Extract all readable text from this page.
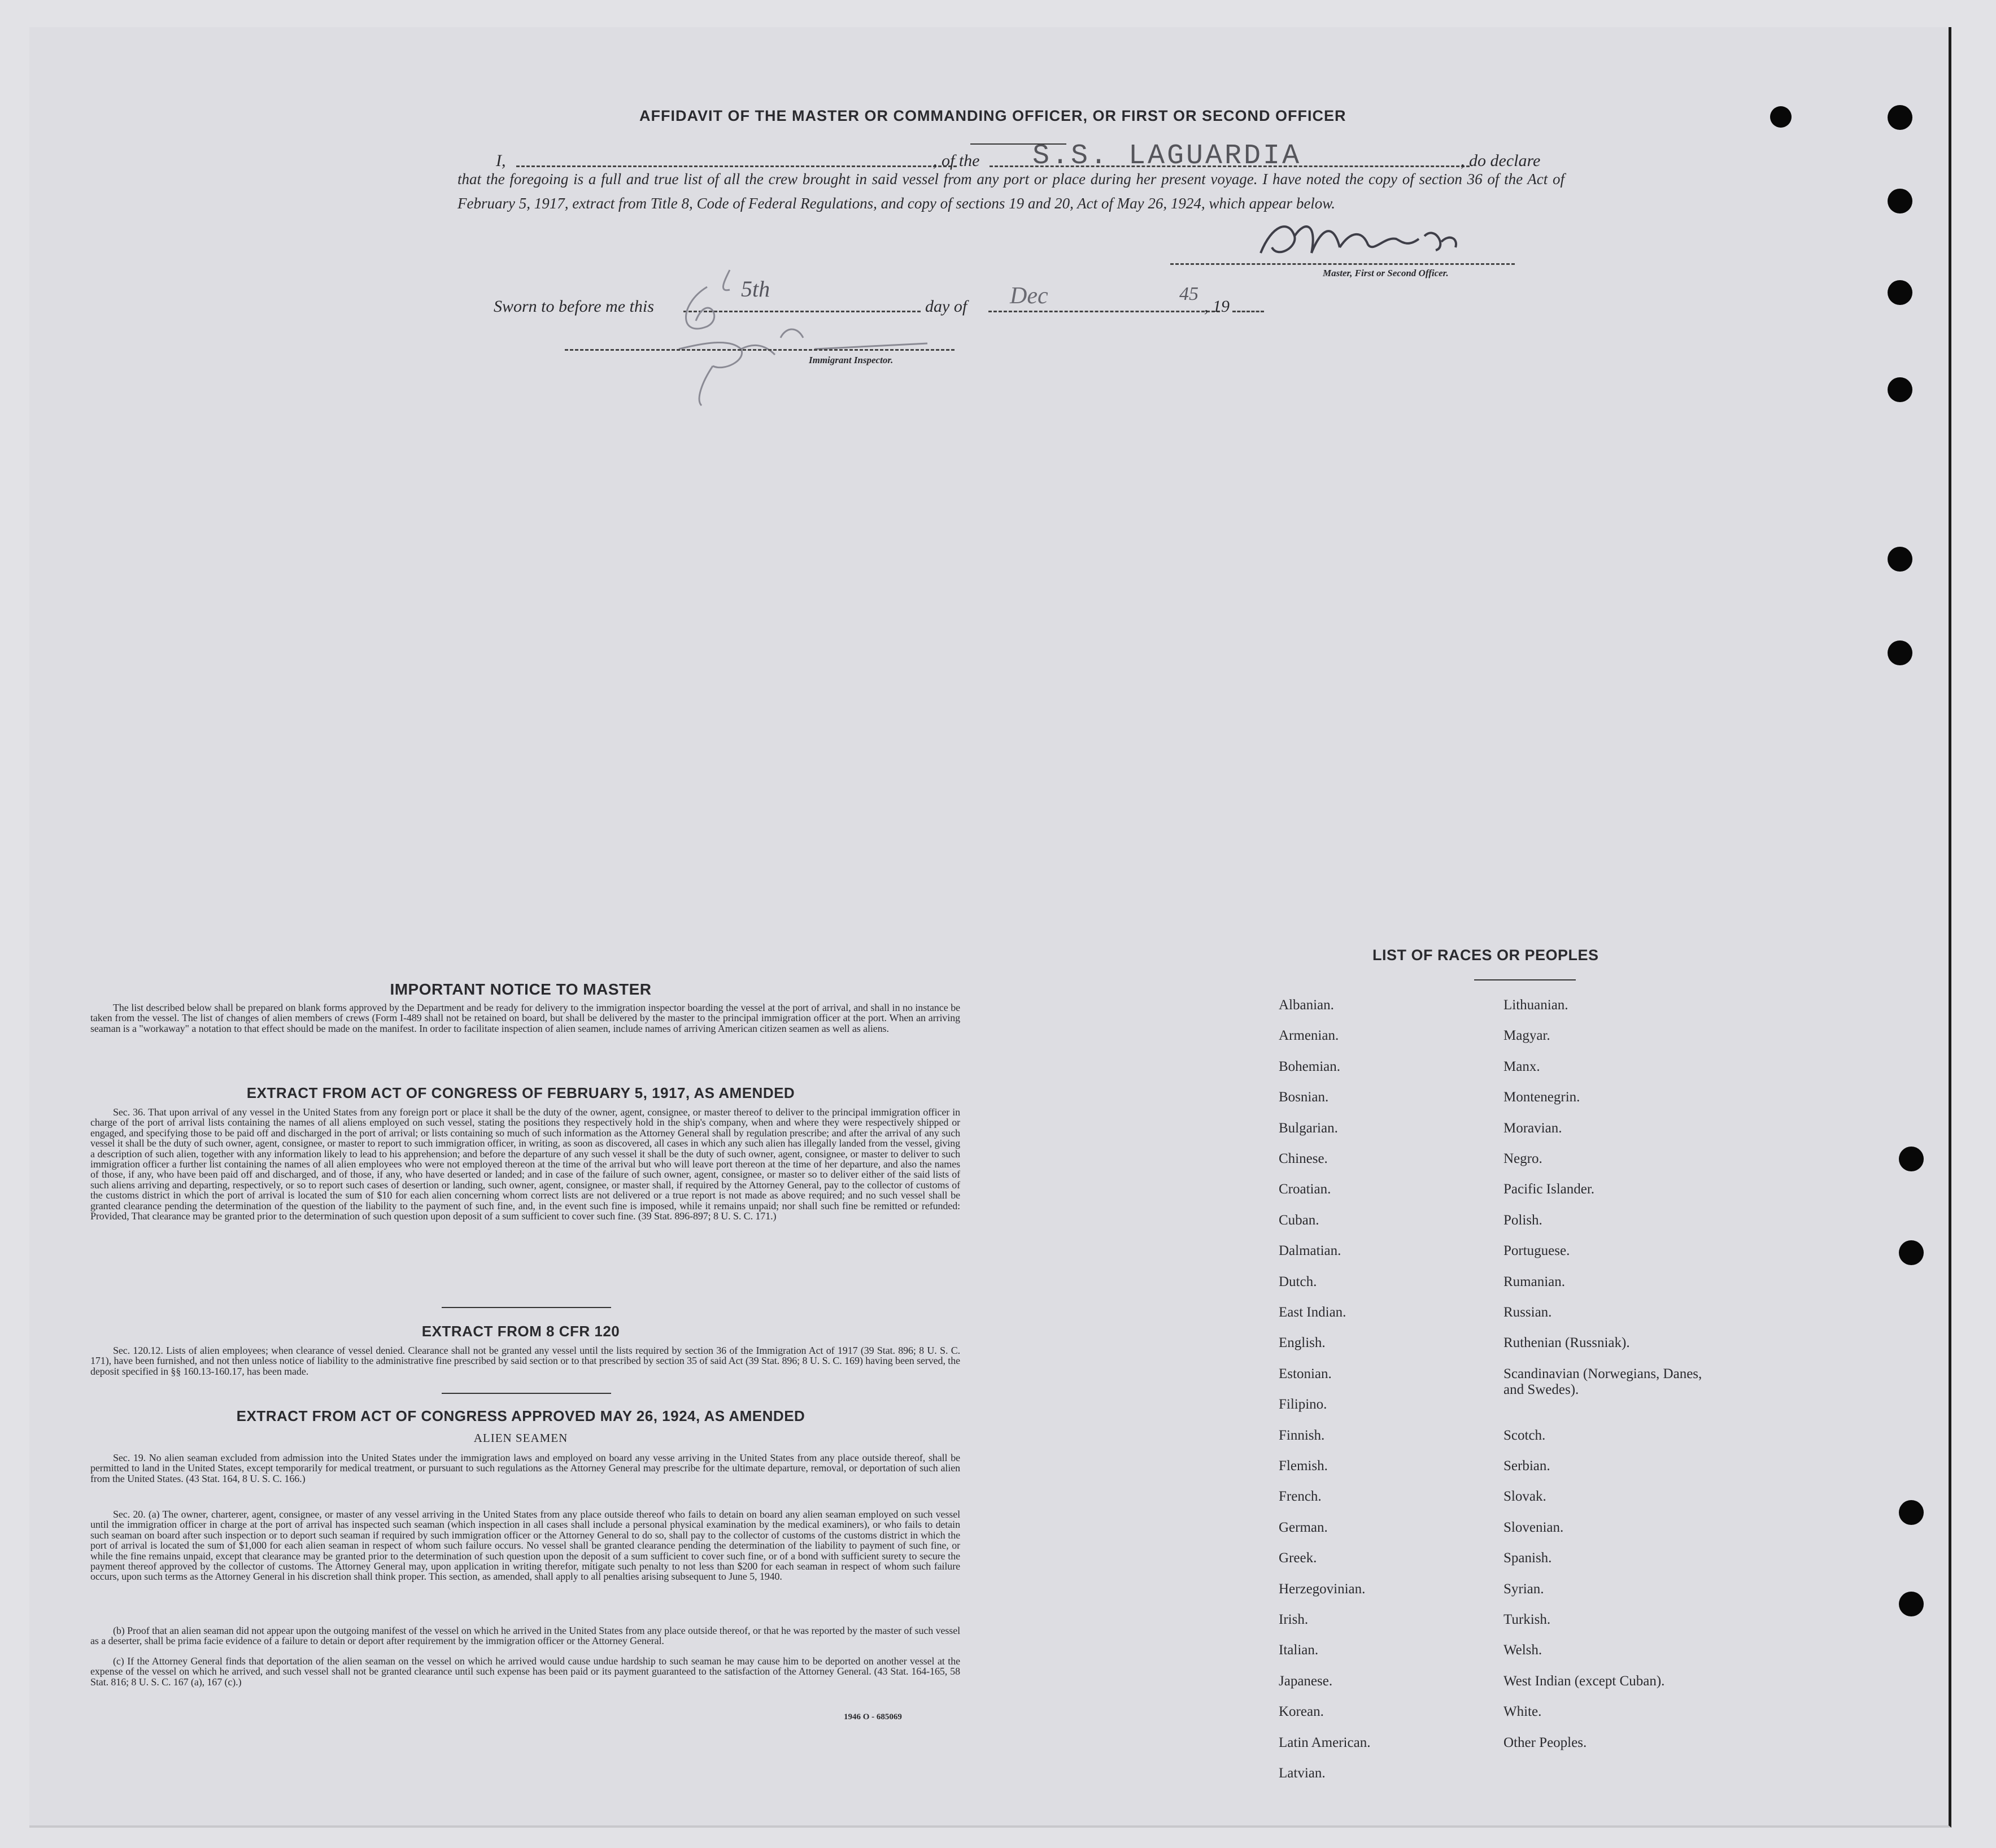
AFFIDAVIT OF THE MASTER OR COMMANDING OFFICER, OR FIRST OR SECOND OFFICER
I,	, of the S.S. LAGUARDIA	, do declare
that the foregoing is a full and true list of all the crew brought in said vessel from any port or place during her present voyage. I have noted the copy of section 36 of the Act of February 5, 1917, extract from Title 8, Code of Federal Regulations, and copy of sections 19 and 20, Act of May 26, 1924, which appear below.
Master, First or Second Officer.
Sworn to before me this
5th
day of Dec	, 19
45
Immigrant Inspector.
IMPORTANT NOTICE TO MASTER
The list described below shall be prepared on blank forms approved by the Department and be ready for delivery to the immigration inspector boarding the vessel at the port of arrival, and shall in no instance be taken from the vessel. The list of changes of alien members of crews (Form I-489 shall not be retained on board, but shall be delivered by the master to the principal immigration officer at the port. When an arriving seaman is a "workaway" a notation to that effect should be made on the manifest. In order to facilitate inspection of alien seamen, include names of arriving American citizen seamen as well as aliens.
EXTRACT FROM ACT OF CONGRESS OF FEBRUARY 5, 1917, AS AMENDED
Sec. 36. That upon arrival of any vessel in the United States from any foreign port or place it shall be the duty of the owner, agent, consignee, or master thereof to deliver to the principal immigration officer in charge of the port of arrival lists containing the names of all aliens employed on such vessel, stating the positions they respectively hold in the ship's company, when and where they were respectively shipped or engaged, and specifying those to be paid off and discharged in the port of arrival; or lists containing so much of such information as the Attorney General shall by regulation prescribe; and after the arrival of any such vessel it shall be the duty of such owner, agent, consignee, or master to report to such immigration officer, in writing, as soon as discovered, all cases in which any such alien has illegally landed from the vessel, giving a description of such alien, together with any information likely to lead to his apprehension; and before the departure of any such vessel it shall be the duty of such owner, agent, consignee, or master to deliver to such immigration officer a further list containing the names of all alien employees who were not employed thereon at the time of the arrival but who will leave port thereon at the time of her departure, and also the names of those, if any, who have been paid off and discharged, and of those, if any, who have deserted or landed; and in case of the failure of such owner, agent, consignee, or master so to deliver either of the said lists of such aliens arriving and departing, respectively, or so to report such cases of desertion or landing, such owner, agent, consignee, or master shall, if required by the Attorney General, pay to the collector of customs of the customs district in which the port of arrival is located the sum of $10 for each alien concerning whom correct lists are not delivered or a true report is not made as above required; and no such vessel shall be granted clearance pending the determination of the question of the liability to the payment of such fine, and, in the event such fine is imposed, while it remains unpaid; nor shall such fine be remitted or refunded: Provided, That clearance may be granted prior to the determination of such question upon deposit of a sum sufficient to cover such fine. (39 Stat. 896-897; 8 U. S. C. 171.)
EXTRACT FROM 8 CFR 120
Sec. 120.12. Lists of alien employees; when clearance of vessel denied. Clearance shall not be granted any vessel until the lists required by section 36 of the Immigration Act of 1917 (39 Stat. 896; 8 U. S. C. 171), have been furnished, and not then unless notice of liability to the administrative fine prescribed by said section or to that prescribed by section 35 of said Act (39 Stat. 896; 8 U. S. C. 169) having been served, the deposit specified in §§ 160.13-160.17, has been made.
EXTRACT FROM ACT OF CONGRESS APPROVED MAY 26, 1924, AS AMENDED
ALIEN SEAMEN
Sec. 19. No alien seaman excluded from admission into the United States under the immigration laws and employed on board any vesse arriving in the United States from any place outside thereof, shall be permitted to land in the United States, except temporarily for medical treatment, or pursuant to such regulations as the Attorney General may prescribe for the ultimate departure, removal, or deportation of such alien from the United States. (43 Stat. 164, 8 U. S. C. 166.)
Sec. 20. (a) The owner, charterer, agent, consignee, or master of any vessel arriving in the United States from any place outside thereof who fails to detain on board any alien seaman employed on such vessel until the immigration officer in charge at the port of arrival has inspected such seaman (which inspection in all cases shall include a personal physical examination by the medical examiners), or who fails to detain such seaman on board after such inspection or to deport such seaman if required by such immigration officer or the Attorney General to do so, shall pay to the collector of customs of the customs district in which the port of arrival is located the sum of $1,000 for each alien seaman in respect of whom such failure occurs. No vessel shall be granted clearance pending the determination of the liability to payment of such fine, or while the fine remains unpaid, except that clearance may be granted prior to the determination of such question upon the deposit of a sum sufficient to cover such fine, or of a bond with sufficient surety to secure the payment thereof approved by the collector of customs. The Attorney General may, upon application in writing therefor, mitigate such penalty to not less than $200 for each seaman in respect of whom such failure occurs, upon such terms as the Attorney General in his discretion shall think proper. This section, as amended, shall apply to all penalties arising subsequent to June 5, 1940.
(b) Proof that an alien seaman did not appear upon the outgoing manifest of the vessel on which he arrived in the United States from any place outside thereof, or that he was reported by the master of such vessel as a deserter, shall be prima facie evidence of a failure to detain or deport after requirement by the immigration officer or the Attorney General.
(c) If the Attorney General finds that deportation of the alien seaman on the vessel on which he arrived would cause undue hardship to such seaman he may cause him to be deported on another vessel at the expense of the vessel on which he arrived, and such vessel shall not be granted clearance until such expense has been paid or its payment guaranteed to the satisfaction of the Attorney General. (43 Stat. 164-165, 58 Stat. 816; 8 U. S. C. 167 (a), 167 (c).)
1946 O - 685069
LIST OF RACES OR PEOPLES
Albanian.
Armenian.
Bohemian.
Bosnian.
Bulgarian.
Chinese.
Croatian.
Cuban.
Dalmatian.
Dutch.
East Indian.
English.
Estonian.
Filipino.
Finnish.
Flemish.
French.
German.
Greek.
Herzegovinian.
Irish.
Italian.
Japanese.
Korean.
Latin American.
Latvian.
Lithuanian.
Magyar.
Manx.
Montenegrin.
Moravian.
Negro.
Pacific Islander.
Polish.
Portuguese.
Rumanian.
Russian.
Ruthenian (Russniak).
Scandinavian (Norwegians, Danes, and Swedes).
Scotch.
Serbian.
Slovak.
Slovenian.
Spanish.
Syrian.
Turkish.
Welsh.
West Indian (except Cuban).
White.
Other Peoples.
